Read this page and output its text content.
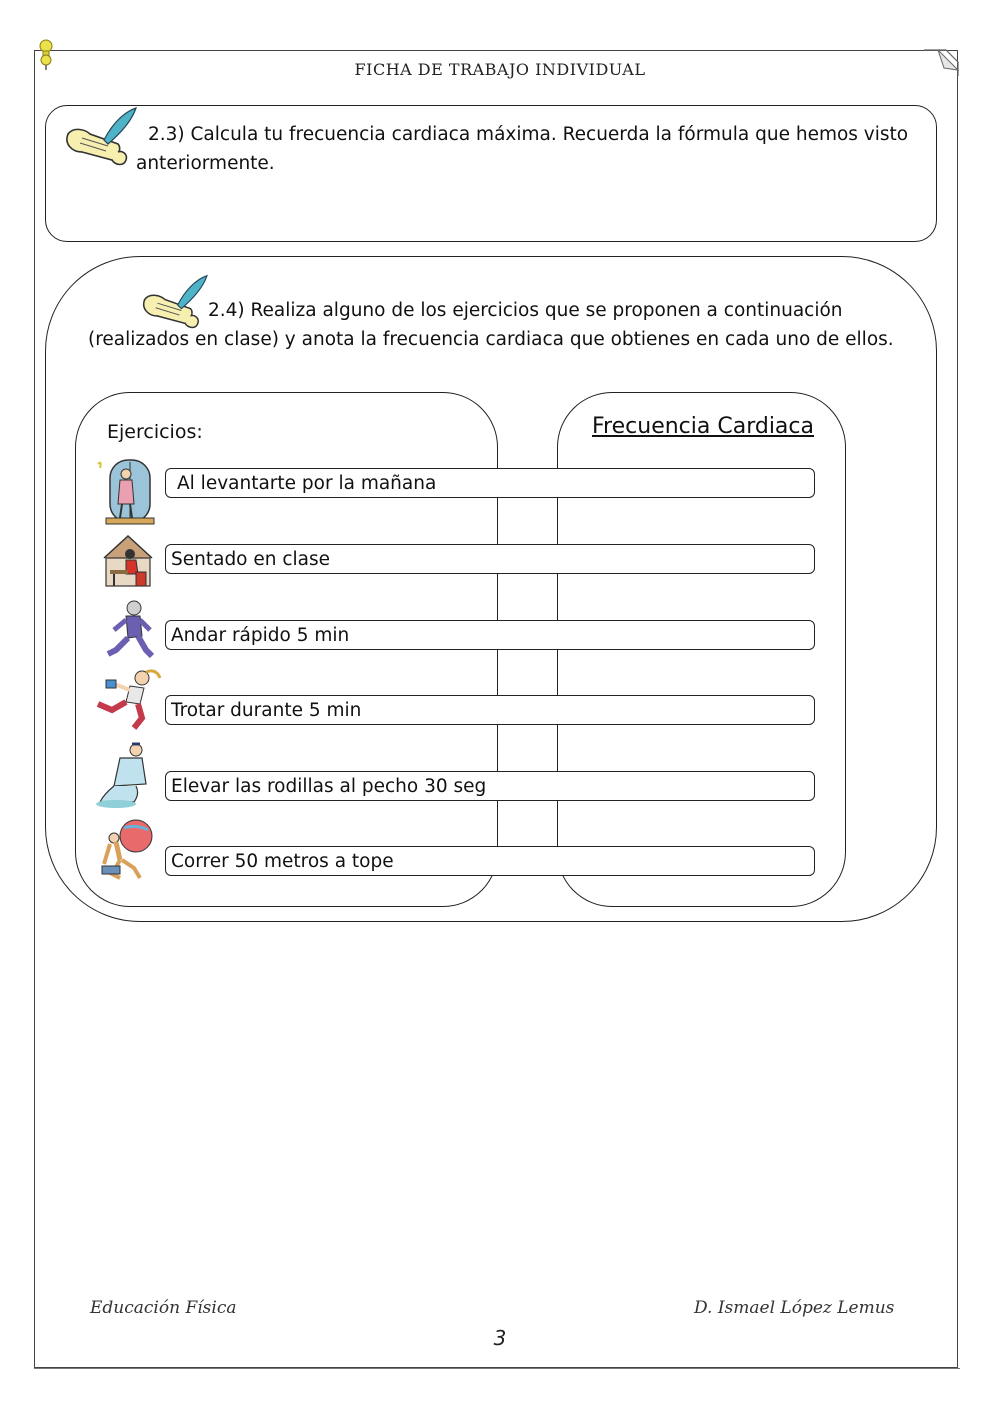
FICHA DE TRABAJO INDIVIDUAL
2.3) Calcula tu frecuencia cardiaca máxima. Recuerda la fórmula que hemos visto anteriormente.
2.4) Realiza alguno de los ejercicios que se proponen a continuación (realizados en clase) y anota la frecuencia cardiaca que obtienes en cada uno de ellos.
Ejercicios:	Frecuencia Cardiaca
Al levantarte por la mañana
Sentado en clase
Andar rápido 5 min
Trotar durante 5 min
Elevar las rodillas al pecho 30 seg
Correr 50 metros a tope
Educación Física	D. Ismael López Lemus
3
